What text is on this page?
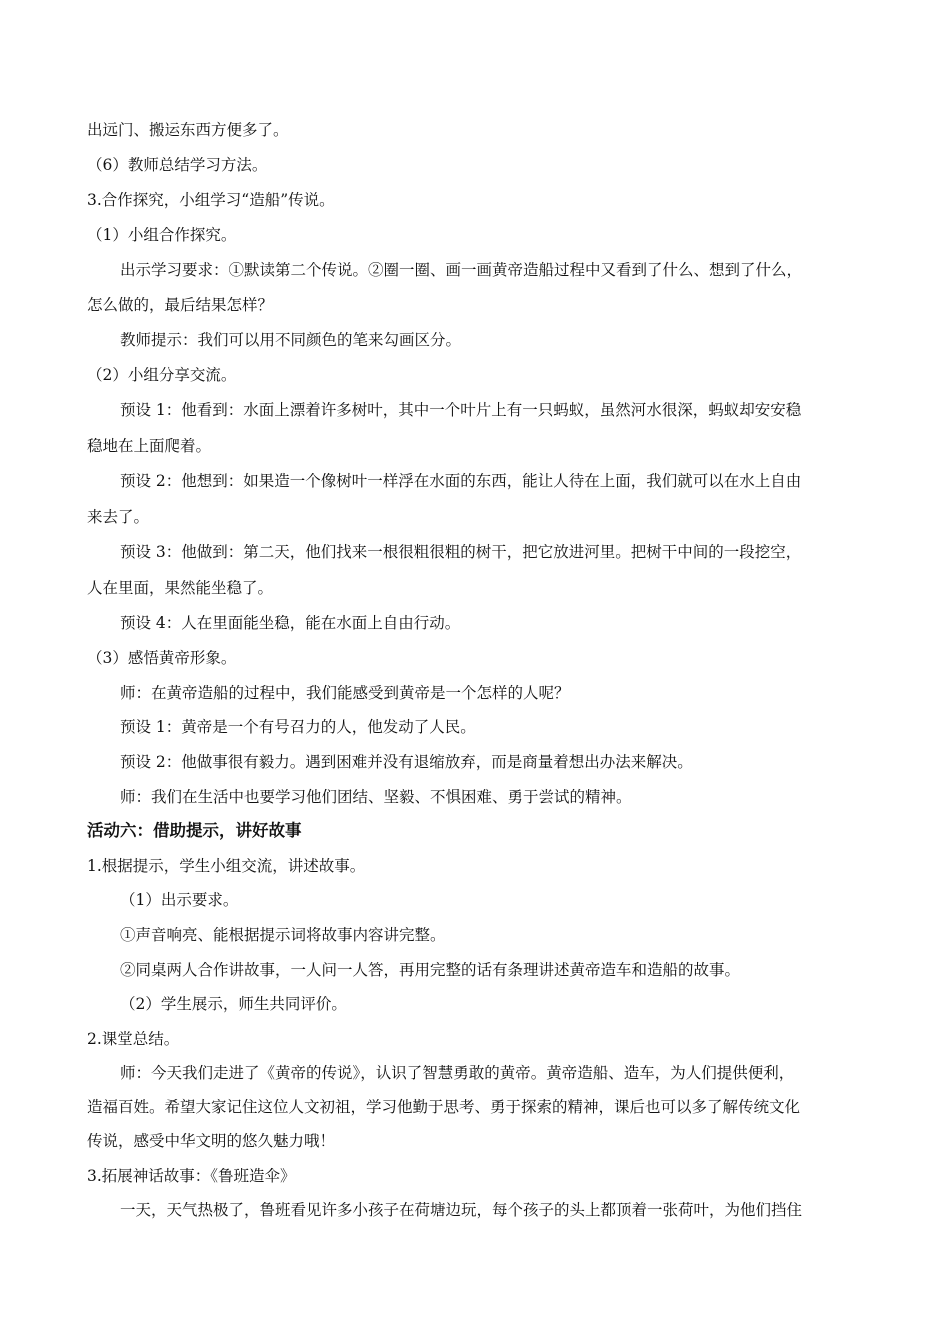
出远门、搬运东西方便多了。
（6）教师总结学习方法。
3.合作探究，小组学习“造船”传说。
（1）小组合作探究。
出示学习要求：①默读第二个传说。②圈一圈、画一画黄帝造船过程中又看到了什么、想到了什么，
怎么做的，最后结果怎样？
教师提示：我们可以用不同颜色的笔来勾画区分。
（2）小组分享交流。
预设 1：他看到：水面上漂着许多树叶，其中一个叶片上有一只蚂蚁，虽然河水很深，蚂蚁却安安稳
稳地在上面爬着。
预设 2：他想到：如果造一个像树叶一样浮在水面的东西，能让人待在上面，我们就可以在水上自由
来去了。
预设 3：他做到：第二天，他们找来一根很粗很粗的树干，把它放进河里。把树干中间的一段挖空，
人在里面，果然能坐稳了。
预设 4：人在里面能坐稳，能在水面上自由行动。
（3）感悟黄帝形象。
师：在黄帝造船的过程中，我们能感受到黄帝是一个怎样的人呢？
预设 1：黄帝是一个有号召力的人，他发动了人民。
预设 2：他做事很有毅力。遇到困难并没有退缩放弃，而是商量着想出办法来解决。
师：我们在生活中也要学习他们团结、坚毅、不惧困难、勇于尝试的精神。
活动六：借助提示，讲好故事
1.根据提示，学生小组交流，讲述故事。
（1）出示要求。
①声音响亮、能根据提示词将故事内容讲完整。
②同桌两人合作讲故事，一人问一人答，再用完整的话有条理讲述黄帝造车和造船的故事。
（2）学生展示，师生共同评价。
2.课堂总结。
师：今天我们走进了《黄帝的传说》，认识了智慧勇敢的黄帝。黄帝造船、造车，为人们提供便利，
造福百姓。希望大家记住这位人文初祖，学习他勤于思考、勇于探索的精神，课后也可以多了解传统文化
传说，感受中华文明的悠久魅力哦！
3.拓展神话故事：《鲁班造伞》
一天，天气热极了，鲁班看见许多小孩子在荷塘边玩，每个孩子的头上都顶着一张荷叶，为他们挡住
